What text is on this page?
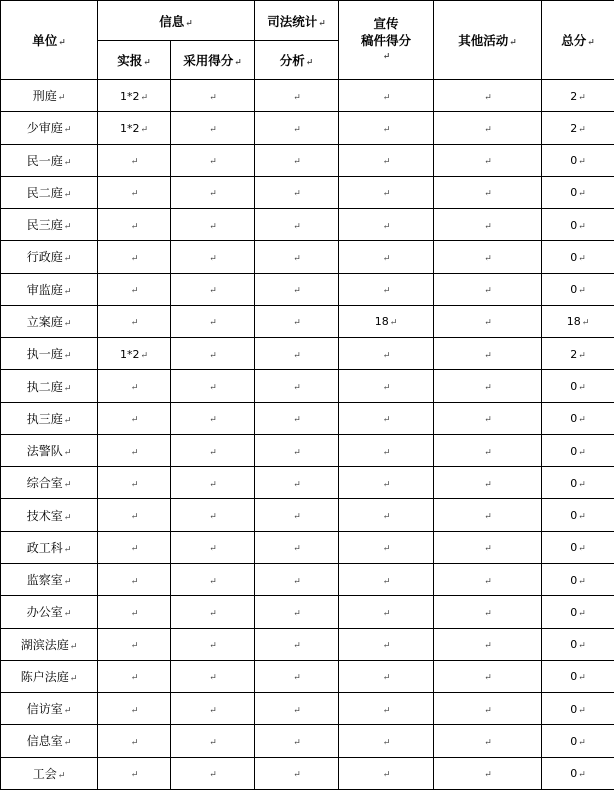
单位↵	信息↵		司法统计↵	宣传
稿件得分
↵	其他活动↵	总分↵
	实报↵	采用得分↵	分析↵			
刑庭↵	1*2↵	↵	↵	↵	↵	2↵
少审庭↵	1*2↵	↵	↵	↵	↵	2↵
民一庭↵	↵	↵	↵	↵	↵	0↵
民二庭↵	↵	↵	↵	↵	↵	0↵
民三庭↵	↵	↵	↵	↵	↵	0↵
行政庭↵	↵	↵	↵	↵	↵	0↵
审监庭↵	↵	↵	↵	↵	↵	0↵
立案庭↵	↵	↵	↵	18↵	↵	18↵
执一庭↵	1*2↵	↵	↵	↵	↵	2↵
执二庭↵	↵	↵	↵	↵	↵	0↵
执三庭↵	↵	↵	↵	↵	↵	0↵
法警队↵	↵	↵	↵	↵	↵	0↵
综合室↵	↵	↵	↵	↵	↵	0↵
技术室↵	↵	↵	↵	↵	↵	0↵
政工科↵	↵	↵	↵	↵	↵	0↵
监察室↵	↵	↵	↵	↵	↵	0↵
办公室↵	↵	↵	↵	↵	↵	0↵
湖滨法庭↵	↵	↵	↵	↵	↵	0↵
陈户法庭↵	↵	↵	↵	↵	↵	0↵
信访室↵	↵	↵	↵	↵	↵	0↵
信息室↵	↵	↵	↵	↵	↵	0↵
工会↵	↵	↵	↵	↵	↵	0↵
